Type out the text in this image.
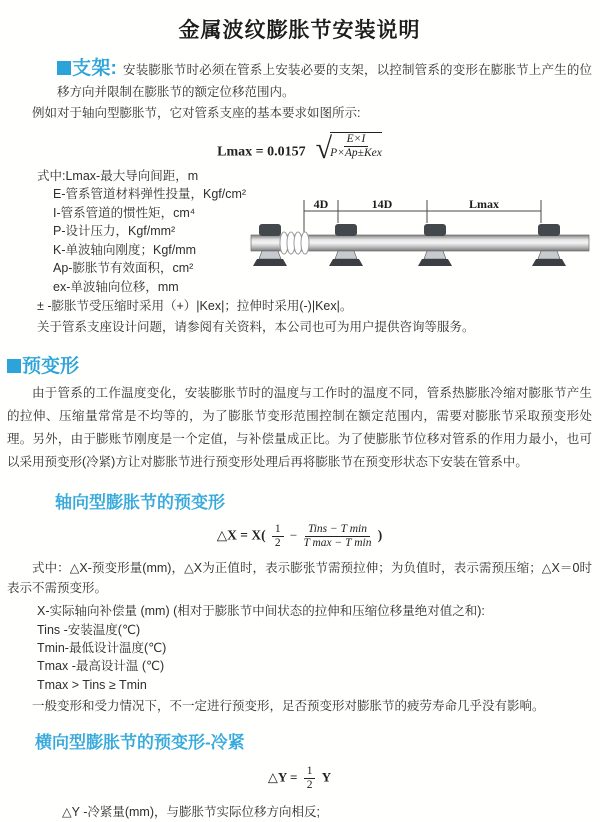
金属波纹膨胀节安装说明

支架: 安装膨胀节时必须在管系上安装必要的支架，以控制管系的变形在膨胀节上产生的位移方向并限制在膨胀节的额定位移范围内。

例如对于轴向型膨胀节，它对管系支座的基本要求如图所示:

Lmax = 0.0157 √
$\frac{E\times I}{\text{P×Ap±Kex}}$
式中:Lmax-最大导向间距，m
E-管系管道材料弹性投量，Kgf/cm²
I-管系管道的惯性矩，cm⁴
P-设计压力，Kgf/mm²
K-单波轴向刚度；Kgf/mm
Ap-膨胀节有效面积，cm²
ex-单波轴向位移，mm
± -膨胀节受压缩时采用（+）|Kex|；拉伸时采用(-)|Kex|。
4D	14D	Lmax

关于管系支座设计问题，请参阅有关资料，本公司也可为用户提供咨询等服务。

预变形

由于管系的工作温度变化，安装膨胀节时的温度与工作时的温度不同，管系热膨胀冷缩对膨胀节产生的拉伸、压缩量常常是不均等的，为了膨胀节变形范围控制在额定范围内，需要对膨胀节采取预变形处理。另外，由于膨账节刚度是一个定值，与补偿量成正比。为了使膨胀节位移对管系的作用力最小，也可以采用预变形(冷紧)方让对膨胀节进行预变形处理后再将膨胀节在预变形状态下安装在管系中。

轴向型膨胀节的预变形
△X = $X( \frac{1}{2} - \frac{\text{Tins − T min}}{\text{T max − T min}}$ )

式中：△X-预变形量(mm)，△X为正值时，表示膨张节需预拉伸；为负值时，表示需预压缩；△X＝0时表示不需预变形。

X-实际轴向补偿量 (mm) (相对于膨胀节中间状态的拉伸和压缩位移量绝对值之和):
Tins -安装温度(℃)
Tmin-最低设计温度(℃)
Tmax -最高设计温 (℃)
Tmax > Tins ≥ Tmin

一般变形和受力情况下，不一定进行预变形，足否预变形对膨胀节的疲劳寿命几乎没有影响。

横向型膨胀节的预变形-冷紧
△Y = $\frac{1}{2}$ Y

△Y -冷紧量(mm)，与膨胀节实际位移方向相反;
